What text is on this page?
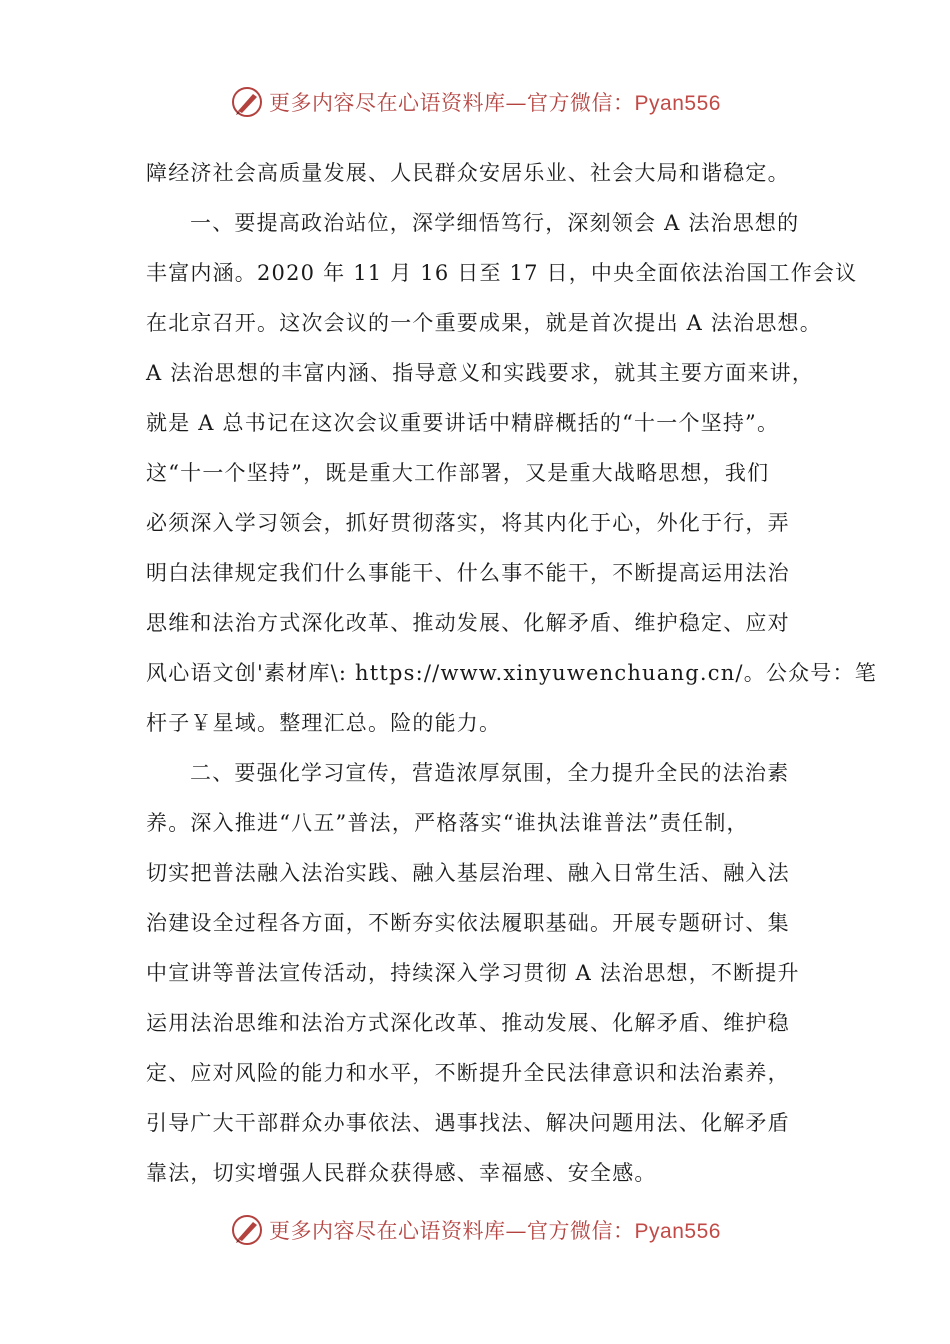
更多内容尽在心语资料库—官方微信：Pyan556
障经济社会高质量发展、人民群众安居乐业、社会大局和谐稳定。
一、要提高政治站位，深学细悟笃行，深刻领会 A 法治思想的
丰富内涵。2020 年 11 月 16 日至 17 日，中央全面依法治国工作会议
在北京召开。这次会议的一个重要成果，就是首次提出 A 法治思想。
A 法治思想的丰富内涵、指导意义和实践要求，就其主要方面来讲，
就是 A 总书记在这次会议重要讲话中精辟概括的“十一个坚持”。
这“十一个坚持”，既是重大工作部署，又是重大战略思想，我们
必须深入学习领会，抓好贯彻落实，将其内化于心，外化于行，弄
明白法律规定我们什么事能干、什么事不能干，不断提高运用法治
思维和法治方式深化改革、推动发展、化解矛盾、维护稳定、应对
风心语文创'素材库\: https://www.xinyuwenchuang.cn/。公众号：笔
杆子￥星域。整理汇总。险的能力。
二、要强化学习宣传，营造浓厚氛围，全力提升全民的法治素
养。深入推进“八五”普法，严格落实“谁执法谁普法”责任制，
切实把普法融入法治实践、融入基层治理、融入日常生活、融入法
治建设全过程各方面，不断夯实依法履职基础。开展专题研讨、集
中宣讲等普法宣传活动，持续深入学习贯彻 A 法治思想，不断提升
运用法治思维和法治方式深化改革、推动发展、化解矛盾、维护稳
定、应对风险的能力和水平，不断提升全民法律意识和法治素养，
引导广大干部群众办事依法、遇事找法、解决问题用法、化解矛盾
靠法，切实增强人民群众获得感、幸福感、安全感。
更多内容尽在心语资料库—官方微信：Pyan556
